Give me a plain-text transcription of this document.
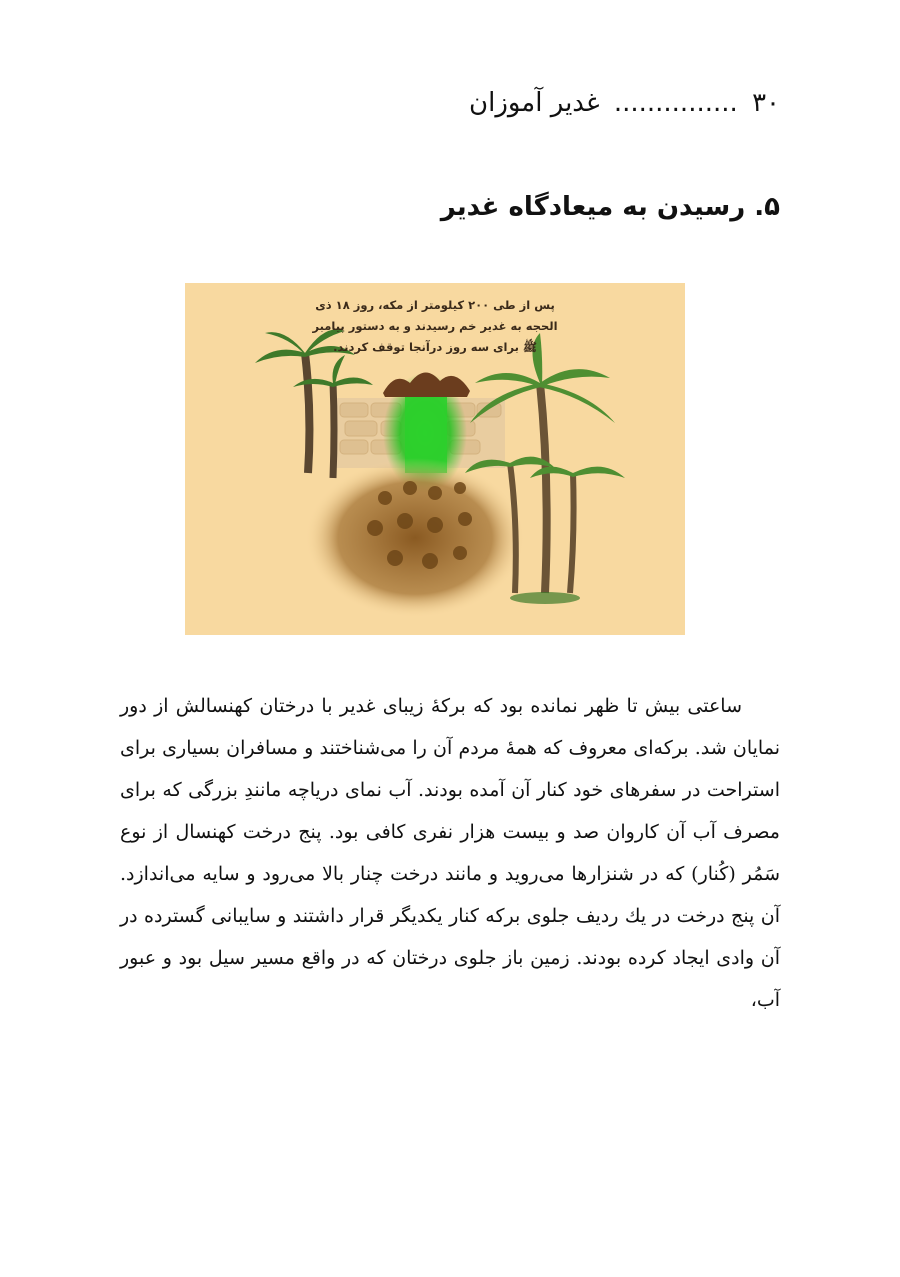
۳۰ ............... غدیر آموزان
۵. رسیدن به میعادگاه غدیر
پس از طی ۲۰۰ کیلومتر از مکه، روز ۱۸ ذی الحجه به غدیر خم رسیدند و به دستور پیامبر ﷺ برای سه روز درآنجا توقف کردند.

ساعتی بیش تا ظهر نمانده بود که برکهٔ زیبای غدیر با درختان کهنسالش از دور نمایان شد. برکه‌ای معروف که همهٔ مردم آن را می‌شناختند و مسافران بسیاری برای استراحت در سفرهای خود کنار آن آمده بودند. آب نمای دریاچه مانندِ بزرگی که برای مصرف آب آن کاروان صد و بیست هزار نفری کافی بود. پنج درخت کهنسال از نوع سَمُر (کُنار) که در شنزارها می‌روید و مانند درخت چنار بالا می‌رود و سایه می‌اندازد. آن پنج درخت در یك ردیف جلوی برکه کنار یکدیگر قرار داشتند و سایبانی گسترده در آن وادی ایجاد کرده بودند. زمین باز جلوی درختان که در واقع مسیر سیل بود و عبور آب،
